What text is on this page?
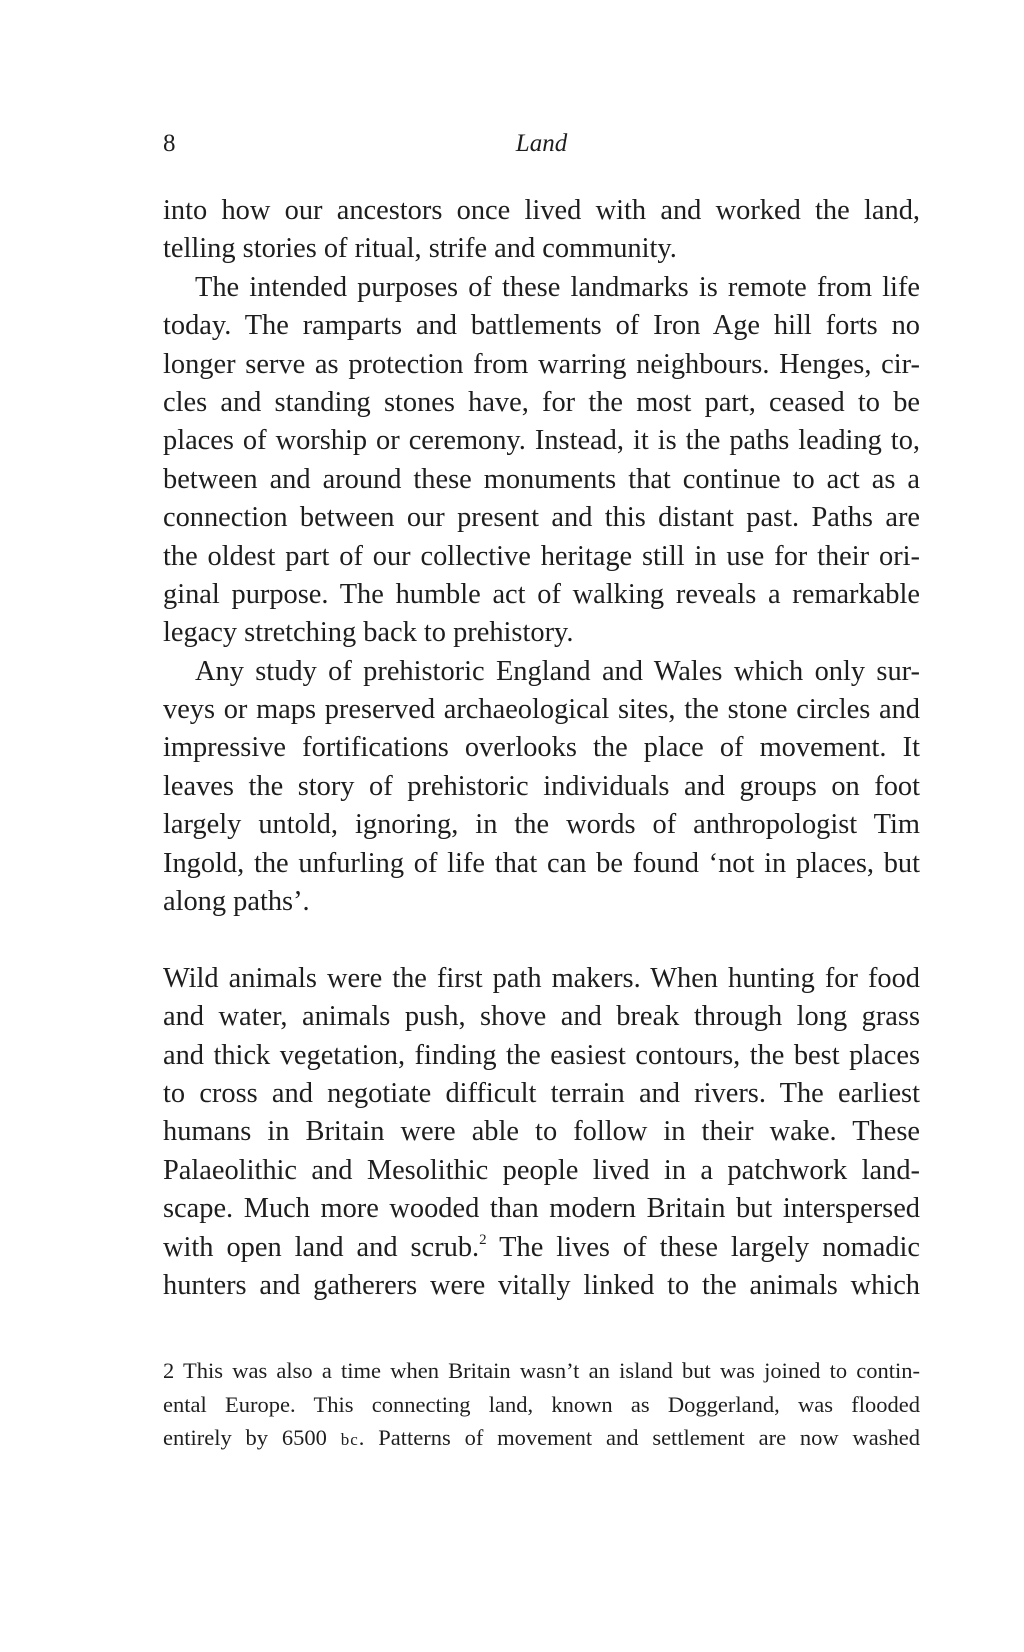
8	Land
into how our ancestors once lived with and worked the land,
telling stories of ritual, strife and community.
The intended purposes of these landmarks is remote from life
today. The ramparts and battlements of Iron Age hill forts no
longer serve as protection from warring neighbours. Henges, cir-
cles and standing stones have, for the most part, ceased to be
places of worship or ceremony. Instead, it is the paths leading to,
between and around these monuments that continue to act as a
connection between our present and this distant past. Paths are
the oldest part of our collective heritage still in use for their ori-
ginal purpose. The humble act of walking reveals a remarkable
legacy stretching back to prehistory.
Any study of prehistoric England and Wales which only sur-
veys or maps preserved archaeological sites, the stone circles and
impressive fortifications overlooks the place of movement. It
leaves the story of prehistoric individuals and groups on foot
largely untold, ignoring, in the words of anthropologist Tim
Ingold, the unfurling of life that can be found ‘not in places, but
along paths’.
Wild animals were the first path makers. When hunting for food
and water, animals push, shove and break through long grass
and thick vegetation, finding the easiest contours, the best places
to cross and negotiate difficult terrain and rivers. The earliest
humans in Britain were able to follow in their wake. These
Palaeolithic and Mesolithic people lived in a patchwork land-
scape. Much more wooded than modern Britain but interspersed
with open land and scrub.$^2$ The lives of these largely nomadic
hunters and gatherers were vitally linked to the animals which
2 This was also a time when Britain wasn’t an island but was joined to contin-
ental Europe. This connecting land, known as Doggerland, was flooded
entirely by 6500 bc. Patterns of movement and settlement are now washed
